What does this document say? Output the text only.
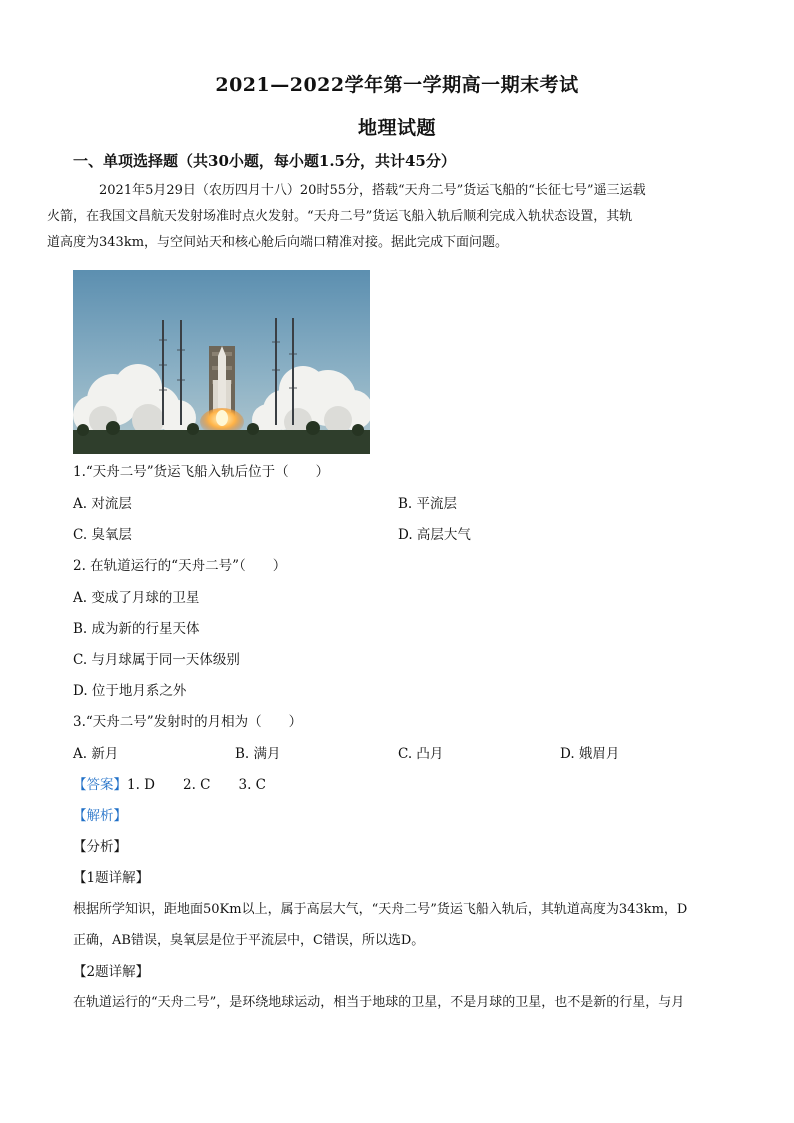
2021—2022学年第一学期高一期末考试
地理试题
一、单项选择题（共30小题，每小题1.5分，共计45分）
2021年5月29日（农历四月十八）20时55分，搭载“天舟二号”货运飞船的“长征七号”遥三运载
火箭，在我国文昌航天发射场准时点火发射。“天舟二号”货运飞船入轨后顺利完成入轨状态设置，其轨
道高度为343km，与空间站天和核心舱后向端口精准对接。据此完成下面问题。
1.“天舟二号”货运飞船入轨后位于（　　）
A. 对流层	B. 平流层
C. 臭氧层	D. 高层大气
2. 在轨道运行的“天舟二号”（　　）
A. 变成了月球的卫星
B. 成为新的行星天体
C. 与月球属于同一天体级别
D. 位于地月系之外
3.“天舟二号”发射时的月相为（　　）
A. 新月	B. 满月	C. 凸月	D. 娥眉月
【答案】1. D 2. C 3. C
【解析】
【分析】
【1题详解】
根据所学知识，距地面50Km以上，属于高层大气，“天舟二号”货运飞船入轨后，其轨道高度为343km，D
正确，AB错误，臭氧层是位于平流层中，C错误，所以选D。
【2题详解】
在轨道运行的“天舟二号”，是环绕地球运动，相当于地球的卫星，不是月球的卫星，也不是新的行星，与月
